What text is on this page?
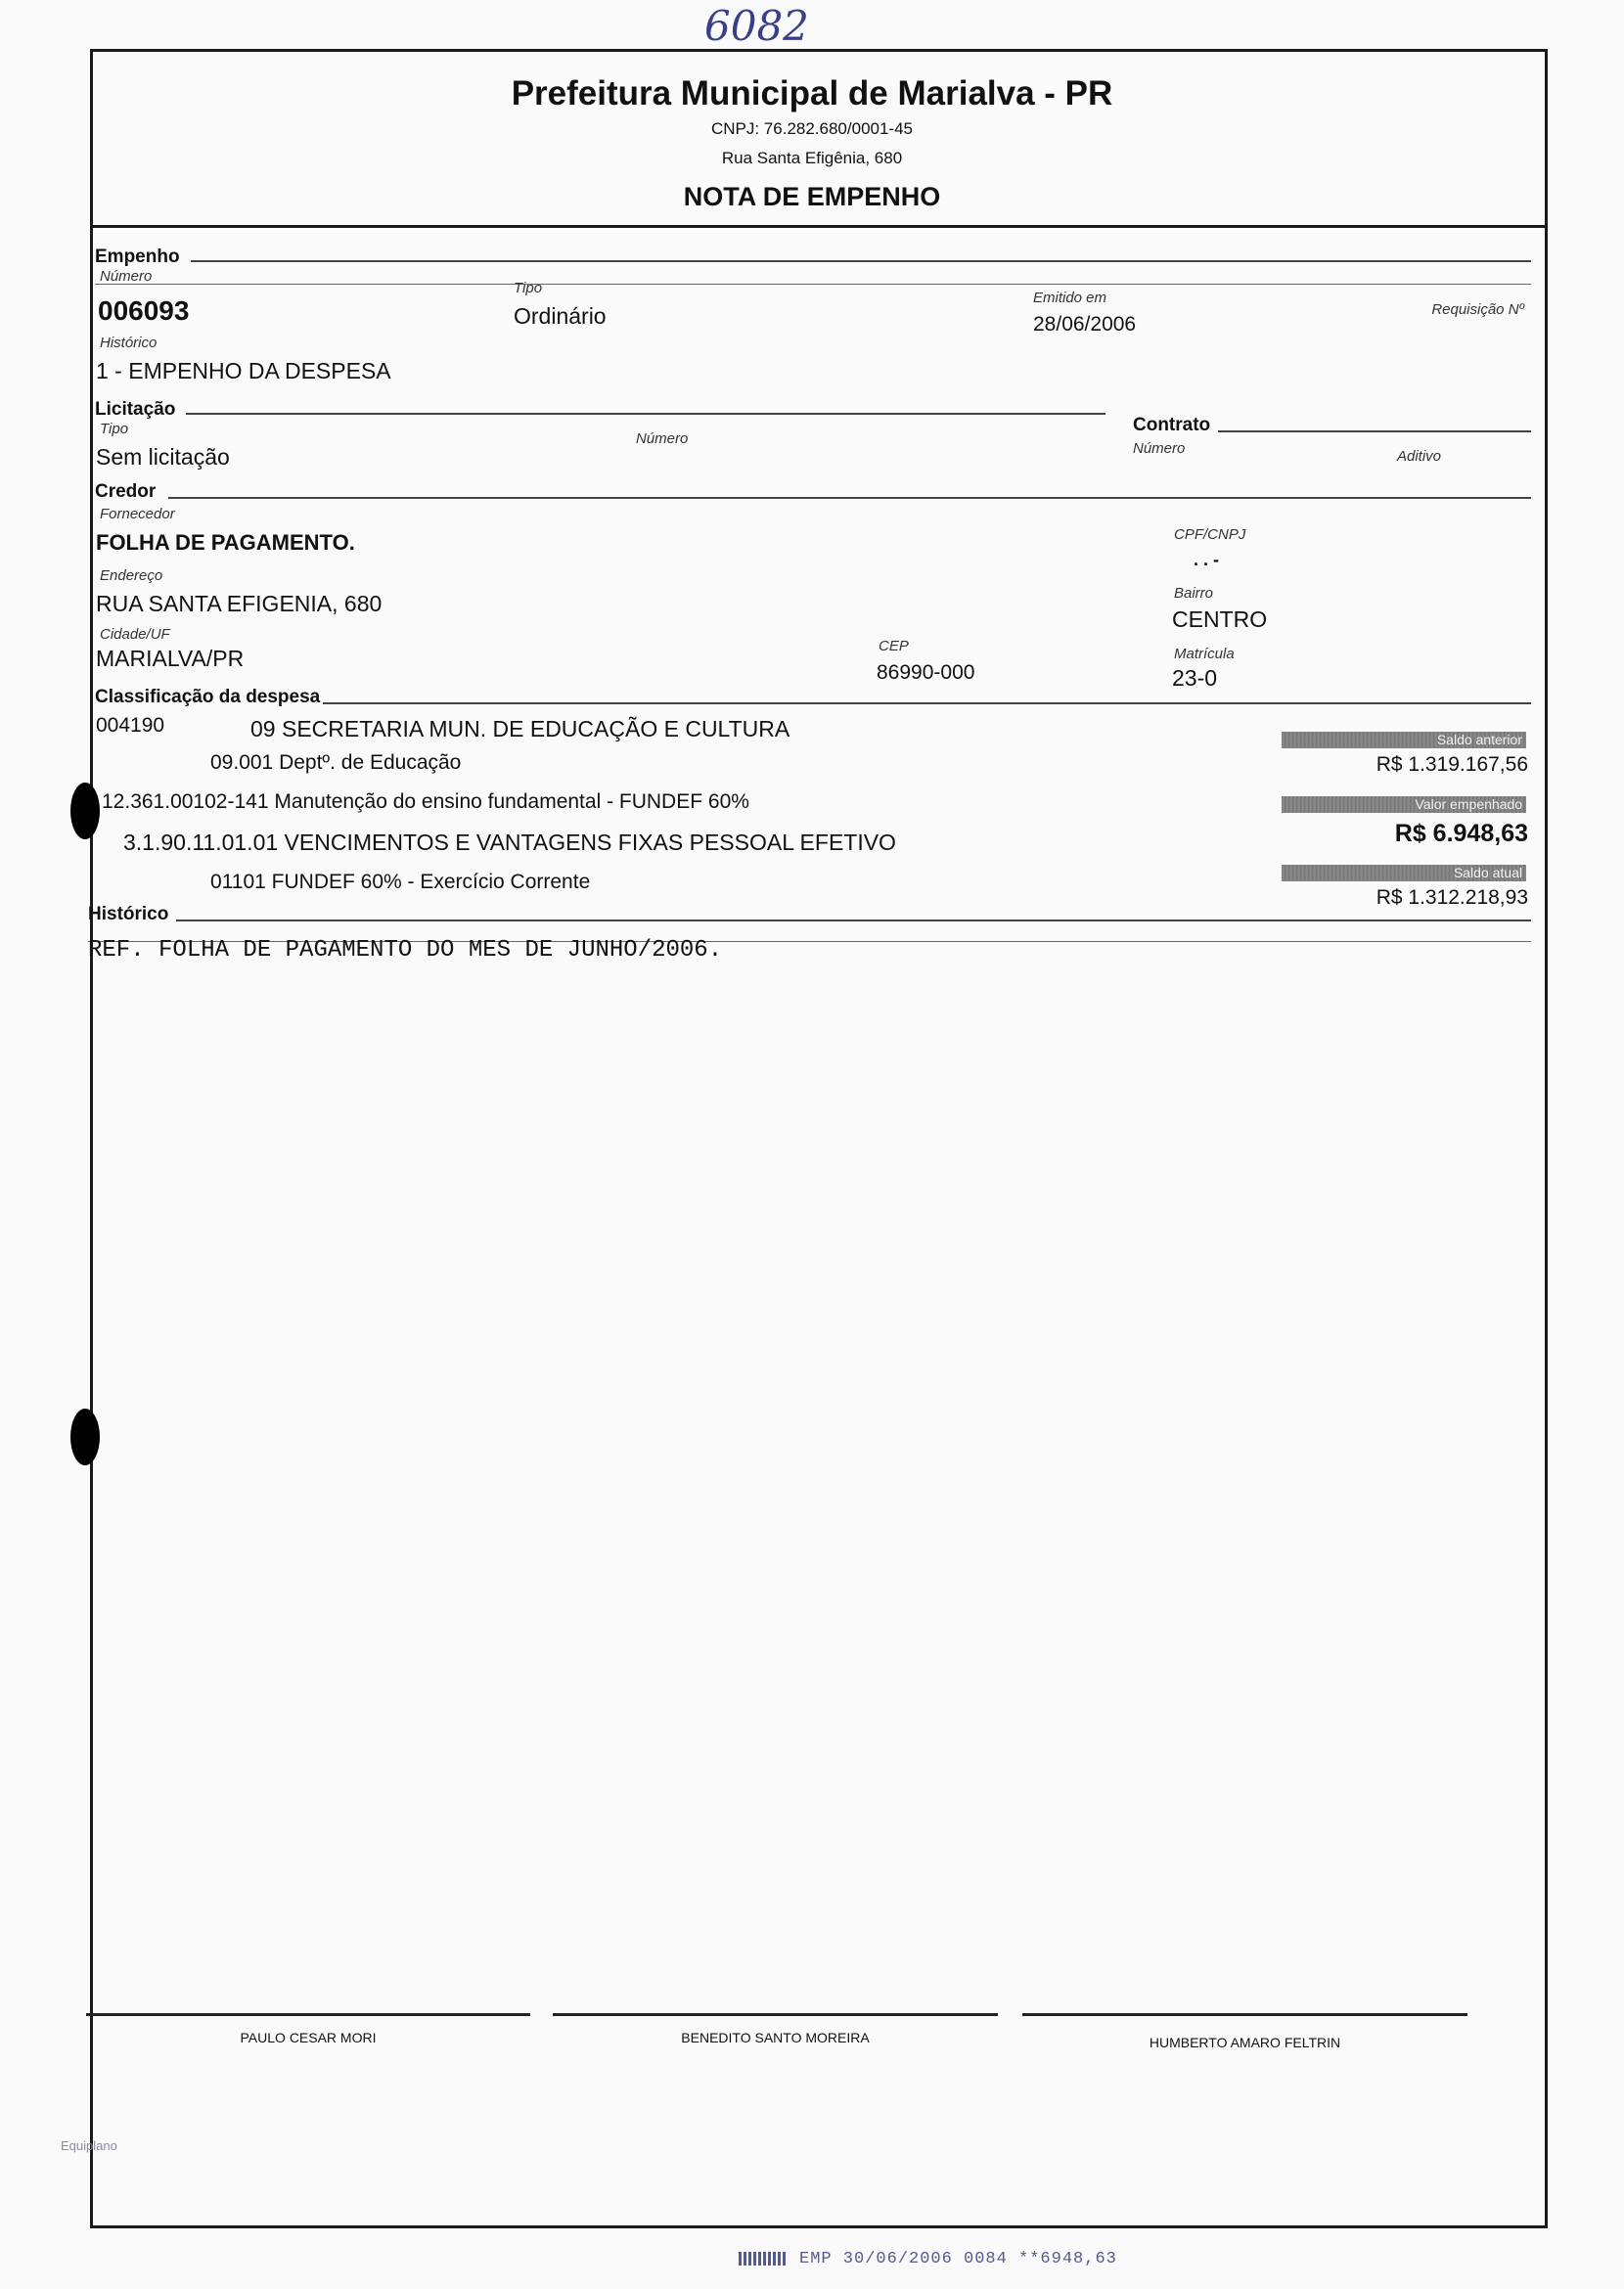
6082
Prefeitura Municipal de Marialva - PR
CNPJ: 76.282.680/0001-45
Rua Santa Efigênia, 680
NOTA DE EMPENHO
Empenho
Número
006093
Tipo
Ordinário
Emitido em
28/06/2006
Requisição Nº
Histórico
1 - EMPENHO DA DESPESA
Licitação
Tipo
Sem licitação
Número
Contrato
Número	Aditivo
Credor
Fornecedor
FOLHA DE PAGAMENTO.	CPF/CNPJ
. . -
Endereço
RUA SANTA EFIGENIA, 680	Bairro
CENTRO
Cidade/UF
MARIALVA/PR	CEP
86990-000
Matrícula
23-0
Classificação da despesa
004190	09 SECRETARIA MUN. DE EDUCAÇÃO E CULTURA
09.001 Deptº. de Educação
12.361.00102-141 Manutenção do ensino fundamental - FUNDEF 60%
3.1.90.11.01.01 VENCIMENTOS E VANTAGENS FIXAS PESSOAL EFETIVO
01101 FUNDEF 60% - Exercício Corrente
Saldo anterior
R$ 1.319.167,56
Valor empenhado
R$ 6.948,63
Saldo atual
R$ 1.312.218,93
Histórico
REF. FOLHA DE PAGAMENTO DO MES DE JUNHO/2006.
PAULO CESAR MORI	BENEDITO SANTO MOREIRA	HUMBERTO AMARO FELTRIN
Equiplano
EMP 30/06/2006 0084 **6948,63
